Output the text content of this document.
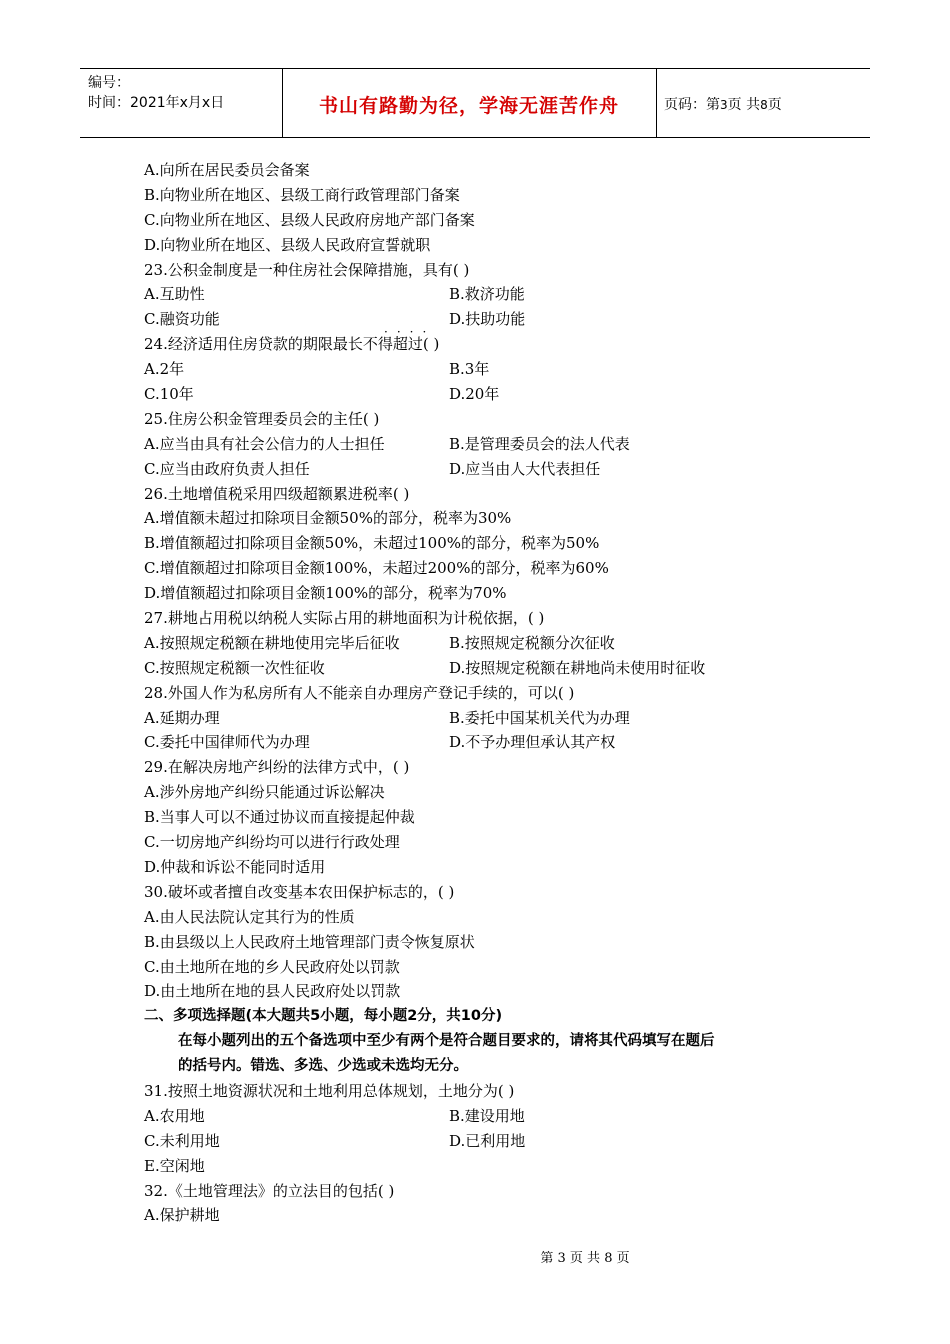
编号：
时间：2021年x月x日	书山有路勤为径，学海无涯苦作舟	页码：第3页 共8页
A.向所在居民委员会备案
B.向物业所在地区、县级工商行政管理部门备案
C.向物业所在地区、县级人民政府房地产部门备案
D.向物业所在地区、县级人民政府宣誓就职
23.公积金制度是一种住房社会保障措施，具有( )
A.互助性	B.救济功能
C.融资功能	D.扶助功能
····
24.经济适用住房贷款的期限最长不得超过( )
A.2年	B.3年
C.10年	D.20年
25.住房公积金管理委员会的主任( )
A.应当由具有社会公信力的人士担任	B.是管理委员会的法人代表
C.应当由政府负责人担任	D.应当由人大代表担任
26.土地增值税采用四级超额累进税率( )
A.增值额未超过扣除项目金额50%的部分，税率为30%
B.增值额超过扣除项目金额50%，未超过100%的部分，税率为50%
C.增值额超过扣除项目金额100%，未超过200%的部分，税率为60%
D.增值额超过扣除项目金额100%的部分，税率为70%
27.耕地占用税以纳税人实际占用的耕地面积为计税依据，( )
A.按照规定税额在耕地使用完毕后征收	B.按照规定税额分次征收
C.按照规定税额一次性征收	D.按照规定税额在耕地尚未使用时征收
28.外国人作为私房所有人不能亲自办理房产登记手续的，可以( )
A.延期办理	B.委托中国某机关代为办理
C.委托中国律师代为办理	D.不予办理但承认其产权
29.在解决房地产纠纷的法律方式中，( )
A.涉外房地产纠纷只能通过诉讼解决
B.当事人可以不通过协议而直接提起仲裁
C.一切房地产纠纷均可以进行行政处理
D.仲裁和诉讼不能同时适用
30.破坏或者擅自改变基本农田保护标志的，( )
A.由人民法院认定其行为的性质
B.由县级以上人民政府土地管理部门责令恢复原状
C.由土地所在地的乡人民政府处以罚款
D.由土地所在地的县人民政府处以罚款
二、多项选择题(本大题共5小题，每小题2分，共10分)
在每小题列出的五个备选项中至少有两个是符合题目要求的，请将其代码填写在题后
的括号内。错选、多选、少选或未选均无分。
31.按照土地资源状况和土地利用总体规划，土地分为( )
A.农用地	B.建设用地
C.未利用地	D.已利用地
E.空闲地
32.《土地管理法》的立法目的包括( )
A.保护耕地
第 3 页 共 8 页
